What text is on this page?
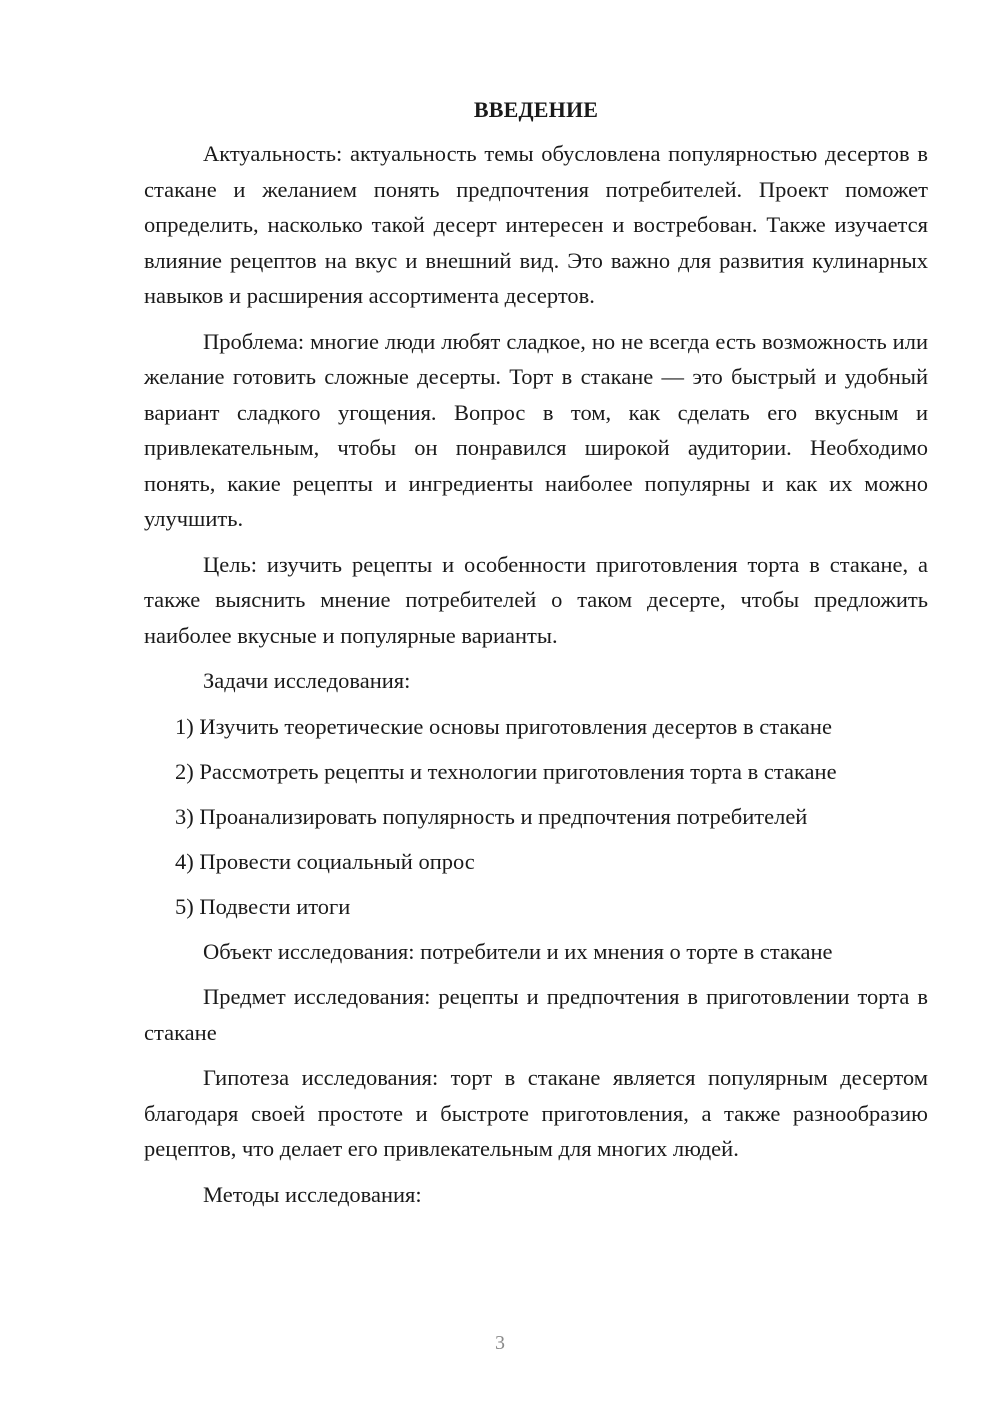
ВВЕДЕНИЕ

Актуальность: актуальность темы обусловлена популярностью десертов в стакане и желанием понять предпочтения потребителей. Проект поможет определить, насколько такой десерт интересен и востребован. Также изучается влияние рецептов на вкус и внешний вид. Это важно для развития кулинарных навыков и расширения ассортимента десертов.

Проблема: многие люди любят сладкое, но не всегда есть возможность или желание готовить сложные десерты. Торт в стакане — это быстрый и удобный вариант сладкого угощения. Вопрос в том, как сделать его вкусным и привлекательным, чтобы он понравился широкой аудитории. Необходимо понять, какие рецепты и ингредиенты наиболее популярны и как их можно улучшить.

Цель: изучить рецепты и особенности приготовления торта в стакане, а также выяснить мнение потребителей о таком десерте, чтобы предложить наиболее вкусные и популярные варианты.

Задачи исследования:

1) Изучить теоретические основы приготовления десертов в стакане
2) Рассмотреть рецепты и технологии приготовления торта в стакане
3) Проанализировать популярность и предпочтения потребителей
4) Провести социальный опрос
5) Подвести итоги

Объект исследования: потребители и их мнения о торте в стакане

Предмет исследования: рецепты и предпочтения в приготовлении торта в стакане

Гипотеза исследования: торт в стакане является популярным десертом благодаря своей простоте и быстроте приготовления, а также разнообразию рецептов, что делает его привлекательным для многих людей.

Методы исследования:

3
